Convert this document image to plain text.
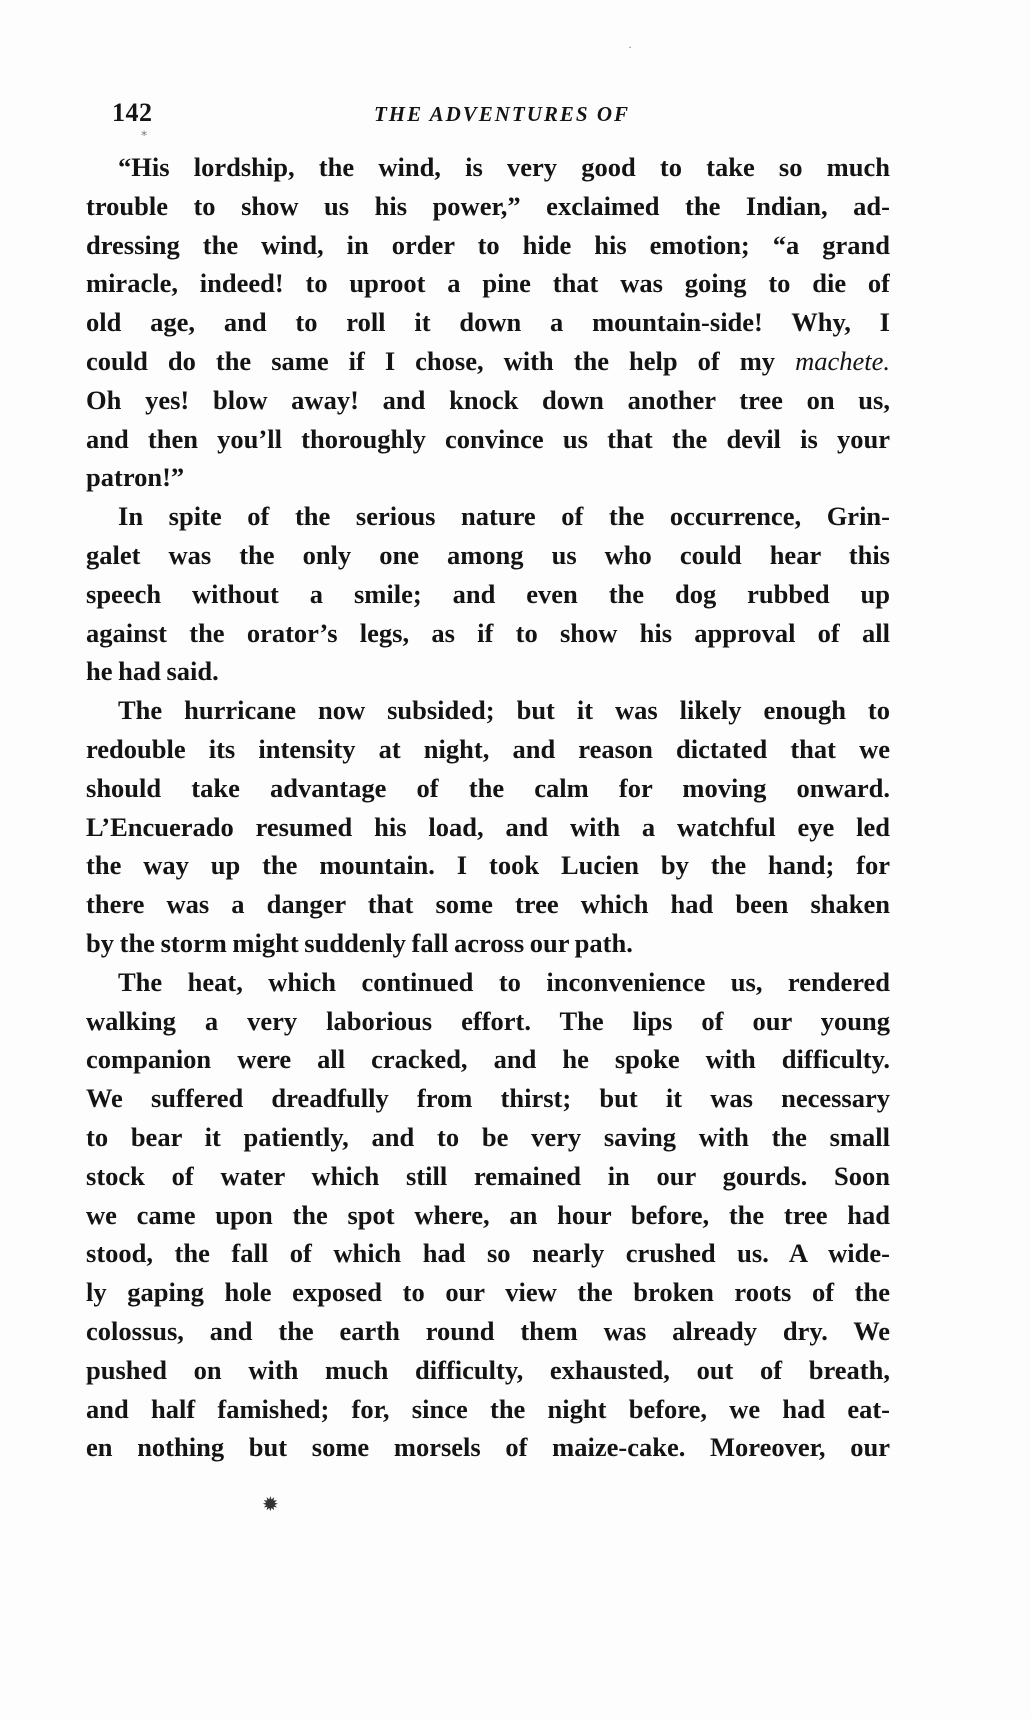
142	THE ADVENTURES OF
“His lordship, the wind, is very good to take so much
trouble to show us his power,” exclaimed the Indian, ad-
dressing the wind, in order to hide his emotion; “a grand
miracle, indeed! to uproot a pine that was going to die of
old age, and to roll it down a mountain-side! Why, I
could do the same if I chose, with the help of my machete.
Oh yes! blow away! and knock down another tree on us,
and then you’ll thoroughly convince us that the devil is your
patron!”
In spite of the serious nature of the occurrence, Grin-
galet was the only one among us who could hear this
speech without a smile; and even the dog rubbed up
against the orator’s legs, as if to show his approval of all
he had said.
The hurricane now subsided; but it was likely enough to
redouble its intensity at night, and reason dictated that we
should take advantage of the calm for moving onward.
L’Encuerado resumed his load, and with a watchful eye led
the way up the mountain. I took Lucien by the hand; for
there was a danger that some tree which had been shaken
by the storm might suddenly fall across our path.
The heat, which continued to inconvenience us, rendered
walking a very laborious effort. The lips of our young
companion were all cracked, and he spoke with difficulty.
We suffered dreadfully from thirst; but it was necessary
to bear it patiently, and to be very saving with the small
stock of water which still remained in our gourds. Soon
we came upon the spot where, an hour before, the tree had
stood, the fall of which had so nearly crushed us. A wide-
ly gaping hole exposed to our view the broken roots of the
colossus, and the earth round them was already dry. We
pushed on with much difficulty, exhausted, out of breath,
and half famished; for, since the night before, we had eat-
en nothing but some morsels of maize-cake. Moreover, our
✹
·
∗
